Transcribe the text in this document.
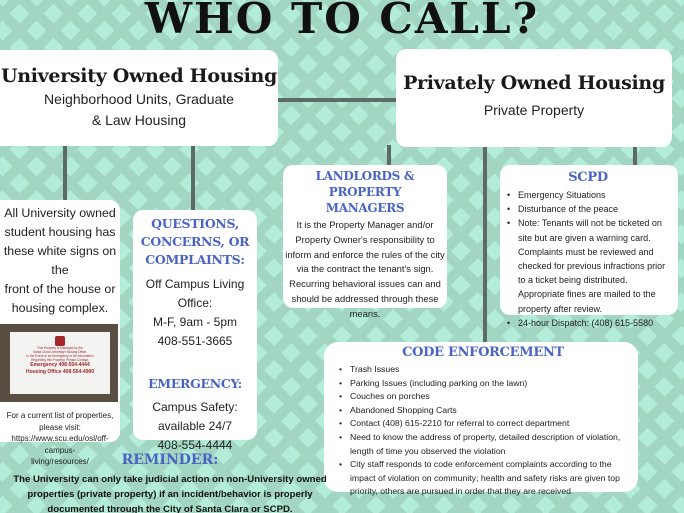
WHO TO CALL?
University Owned Housing
Neighborhood Units, Graduate
& Law Housing
Privately Owned Housing
Private Property
All University owned
student housing has
these white signs on the
front of the house or
housing complex.
This Property is Managed by the
Santa Clara University Housing Office.
In the Event of an Emergency or for Information
Regarding this Property, Please Contact:
Emergency 408-554-4444
Housing Office 408-554-4900
For a current list of properties,
please visit:
https://www.scu.edu/osl/off-campus-
living/resources/
QUESTIONS,
CONCERNS, OR
COMPLAINTS:
Off Campus Living Office:
M-F, 9am - 5pm
408-551-3665
EMERGENCY:
Campus Safety:
available 24/7
408-554-4444
LANDLORDS & PROPERTY
MANAGERS
It is the Property Manager and/or
Property Owner's responsibility to
inform and enforce the rules of the city
via the contract the tenant's sign.
Recurring behavioral issues can and
should be addressed through these
means.
SCPD
• Emergency Situations
• Disturbance of the peace
• Note: Tenants will not be ticketed on site but are given a warning card. Complaints must be reviewed and checked for previous infractions prior to a ticket being distributed. Appropriate fines are mailed to the property after review.
• 24-hour Dispatch: (408) 615-5580
CODE ENFORCEMENT
• Trash Issues
• Parking Issues (including parking on the lawn)
• Couches on porches
• Abandoned Shopping Carts
• Contact (408) 615-2210 for referral to correct department
• Need to know the address of property, detailed description of violation, length of time you observed the violation
• City staff responds to code enforcement complaints according to the impact of violation on community; health and safety risks are given top priority, others are pursued in order that they are received
REMINDER:
The University can only take judicial action on non-University owned
properties (private property) if an incident/behavior is properly
documented through the City of Santa Clara or SCPD.
